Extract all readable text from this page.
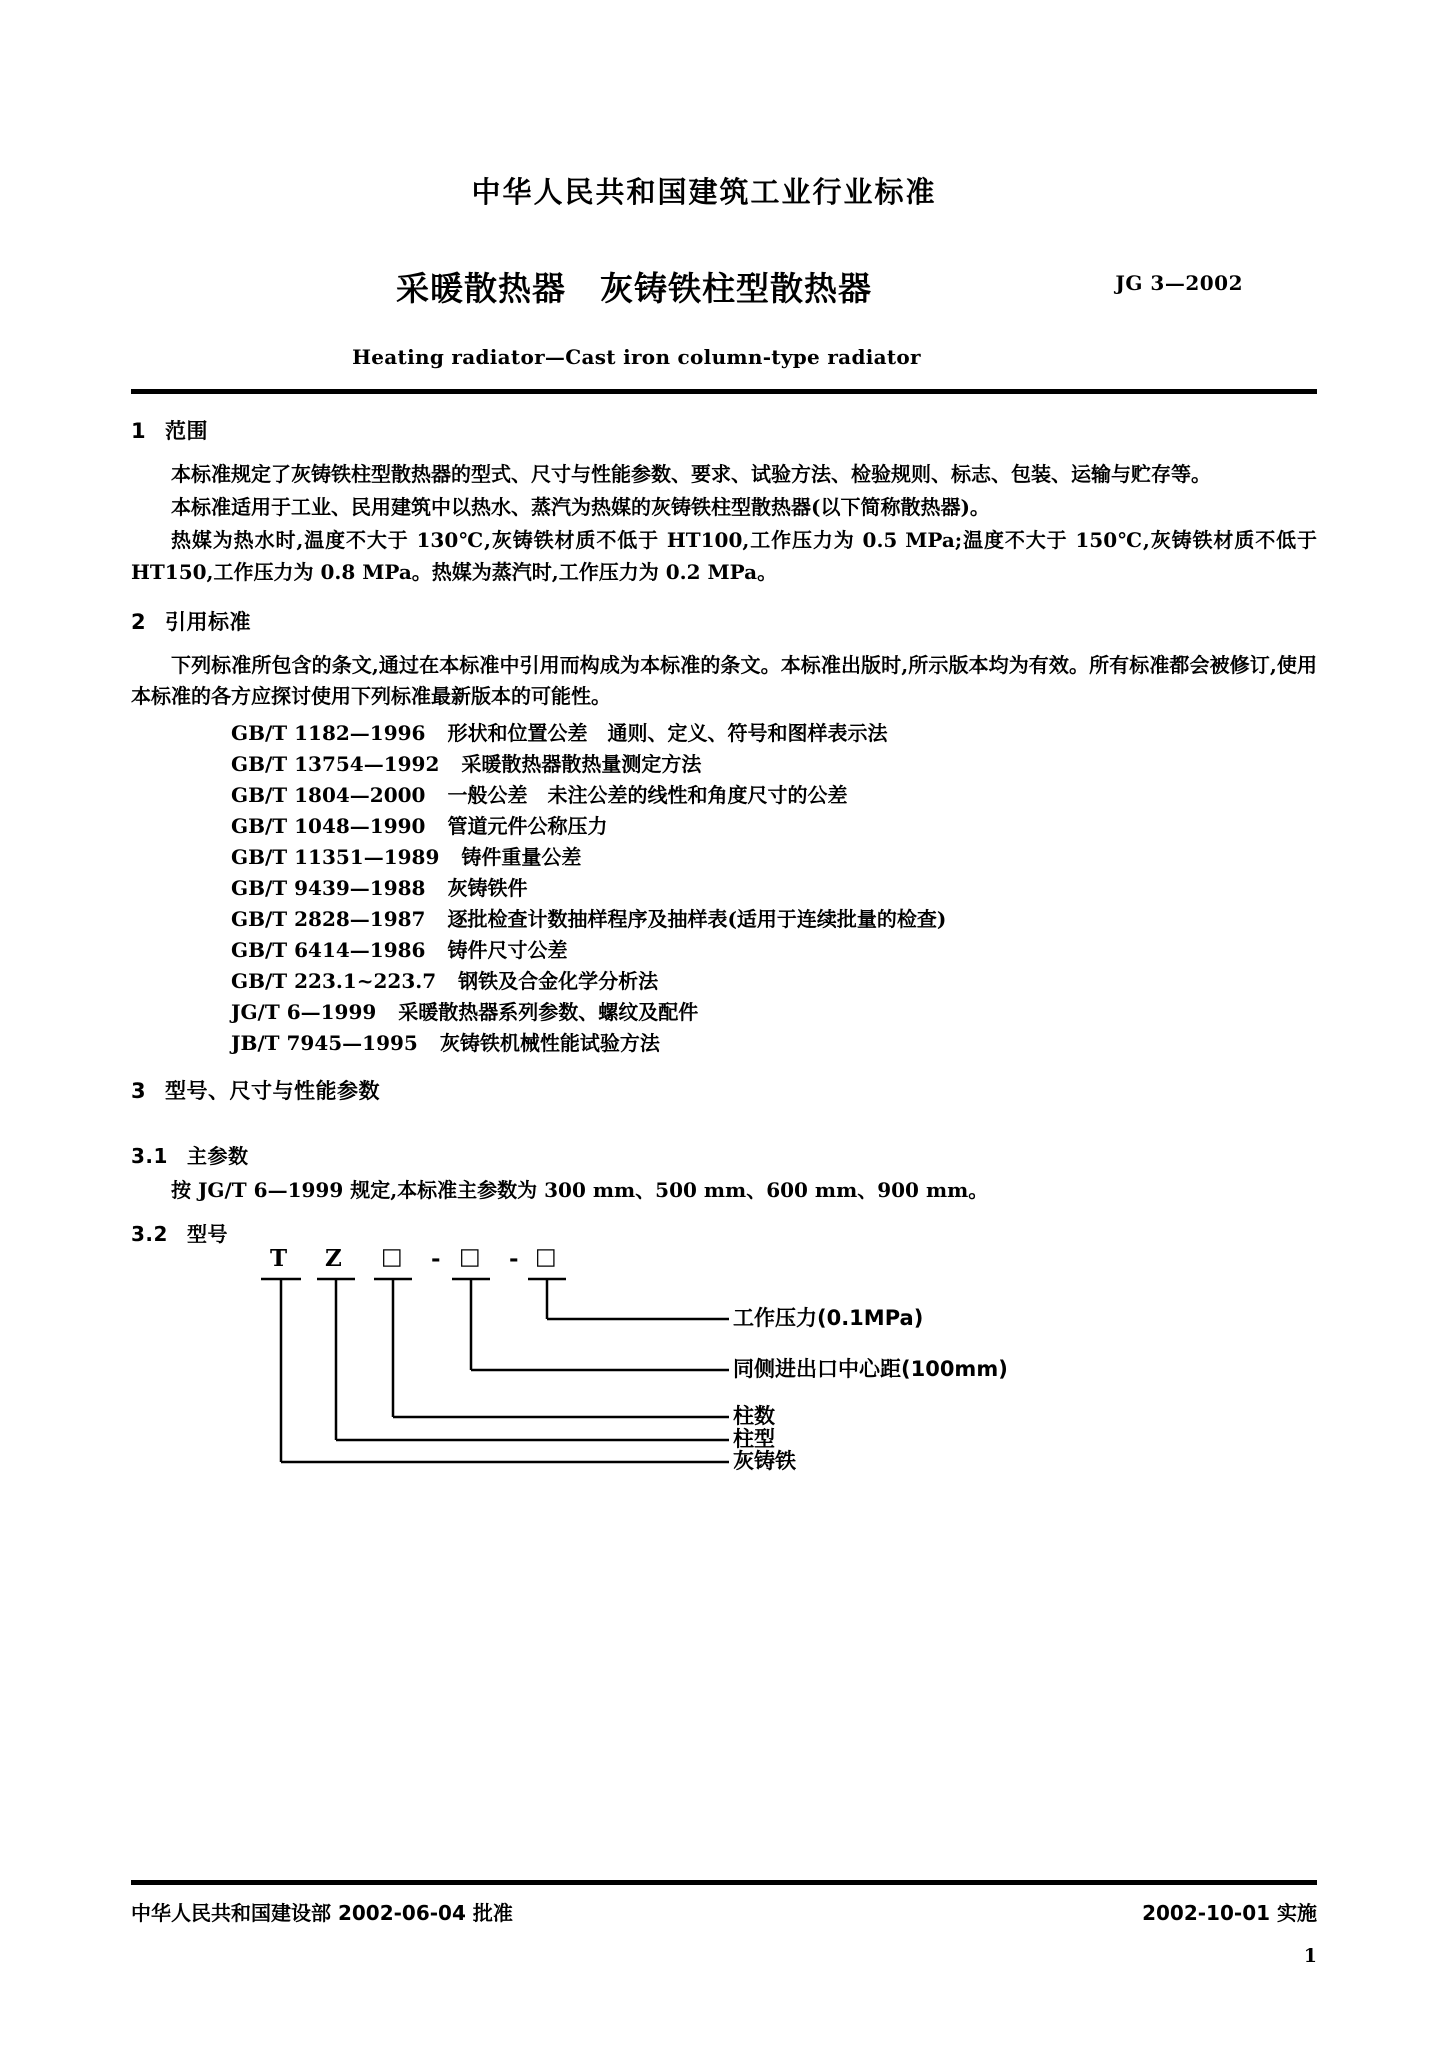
中华人民共和国建筑工业行业标准
采暖散热器 灰铸铁柱型散热器	JG 3—2002
Heating radiator—Cast iron column-type radiator
1 范围

本标准规定了灰铸铁柱型散热器的型式、尺寸与性能参数、要求、试验方法、检验规则、标志、包装、运输与贮存等。

本标准适用于工业、民用建筑中以热水、蒸汽为热媒的灰铸铁柱型散热器(以下简称散热器)。

热媒为热水时,温度不大于 130℃,灰铸铁材质不低于 HT100,工作压力为 0.5 MPa;温度不大于 150℃,灰铸铁材质不低于 HT150,工作压力为 0.8 MPa。热媒为蒸汽时,工作压力为 0.2 MPa。

2 引用标准

下列标准所包含的条文,通过在本标准中引用而构成为本标准的条文。本标准出版时,所示版本均为有效。所有标准都会被修订,使用本标准的各方应探讨使用下列标准最新版本的可能性。

GB/T 1182—1996 形状和位置公差　通则、定义、符号和图样表示法
GB/T 13754—1992 采暖散热器散热量测定方法
GB/T 1804—2000 一般公差　未注公差的线性和角度尺寸的公差
GB/T 1048—1990 管道元件公称压力
GB/T 11351—1989 铸件重量公差
GB/T 9439—1988 灰铸铁件
GB/T 2828—1987 逐批检查计数抽样程序及抽样表(适用于连续批量的检查)
GB/T 6414—1986 铸件尺寸公差
GB/T 223.1~223.7 钢铁及合金化学分析法
JG/T 6—1999 采暖散热器系列参数、螺纹及配件
JB/T 7945—1995 灰铸铁机械性能试验方法
3 型号、尺寸与性能参数
3.1 主参数

按 JG/T 6—1999 规定,本标准主参数为 300 mm、500 mm、600 mm、900 mm。

3.2 型号
T Z □ - □ - □
工作压力(0.1MPa)
同侧进出口中心距(100mm)
柱数
柱型
灰铸铁
中华人民共和国建设部 2002-06-04 批准	2002-10-01 实施
1
